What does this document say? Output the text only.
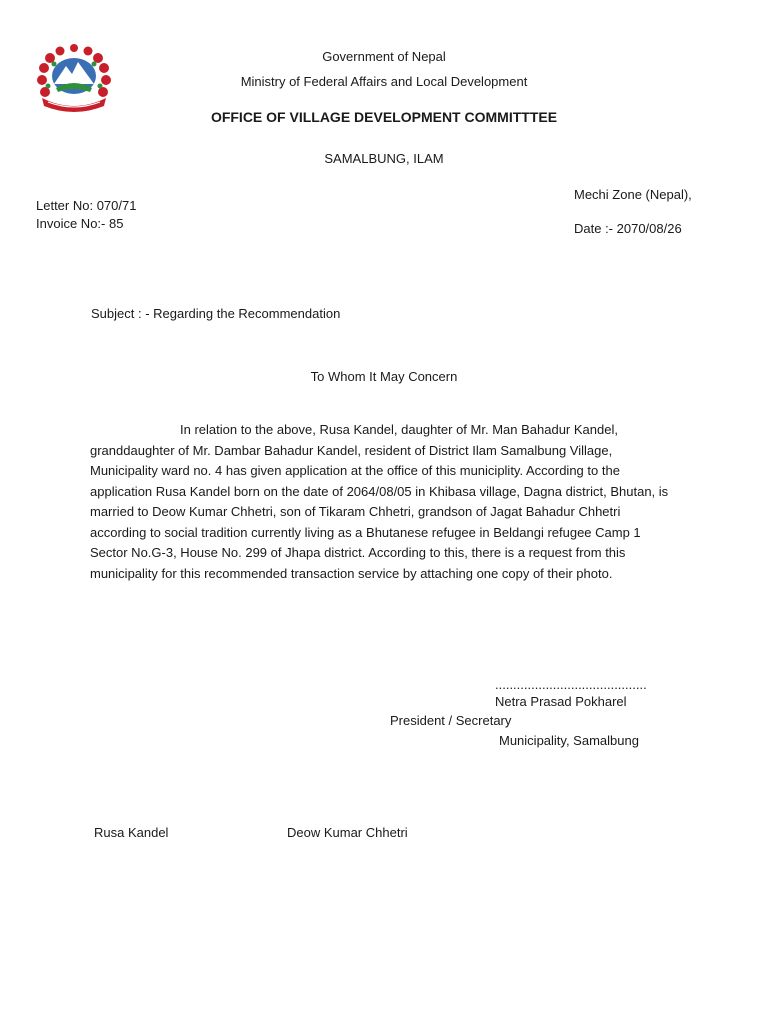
Government of Nepal
Ministry of Federal Affairs and Local Development
OFFICE OF VILLAGE DEVELOPMENT COMMITTTEE
SAMALBUNG, ILAM
Letter No: 070/71
Invoice No:- 85
Mechi Zone (Nepal),
Date :- 2070/08/26
Subject : - Regarding the Recommendation
To Whom It May Concern
In relation to the above, Rusa Kandel, daughter of Mr. Man Bahadur Kandel, granddaughter of Mr. Dambar Bahadur Kandel, resident of District Ilam Samalbung Village, Municipality ward no. 4 has given application at the office of this municiplity. According to the application Rusa Kandel born on the date of 2064/08/05 in Khibasa village, Dagna district, Bhutan, is married to Deow Kumar Chhetri, son of Tikaram Chhetri, grandson of Jagat Bahadur Chhetri according to social tradition currently living as a Bhutanese refugee in Beldangi refugee Camp 1 Sector No.G-3, House No. 299 of Jhapa district. According to this, there is a request from this municipality for this recommended transaction service by attaching one copy of their photo.
..........................................
Netra Prasad Pokharel
President / Secretary
Municipality, Samalbung
Rusa Kandel	Deow Kumar Chhetri
